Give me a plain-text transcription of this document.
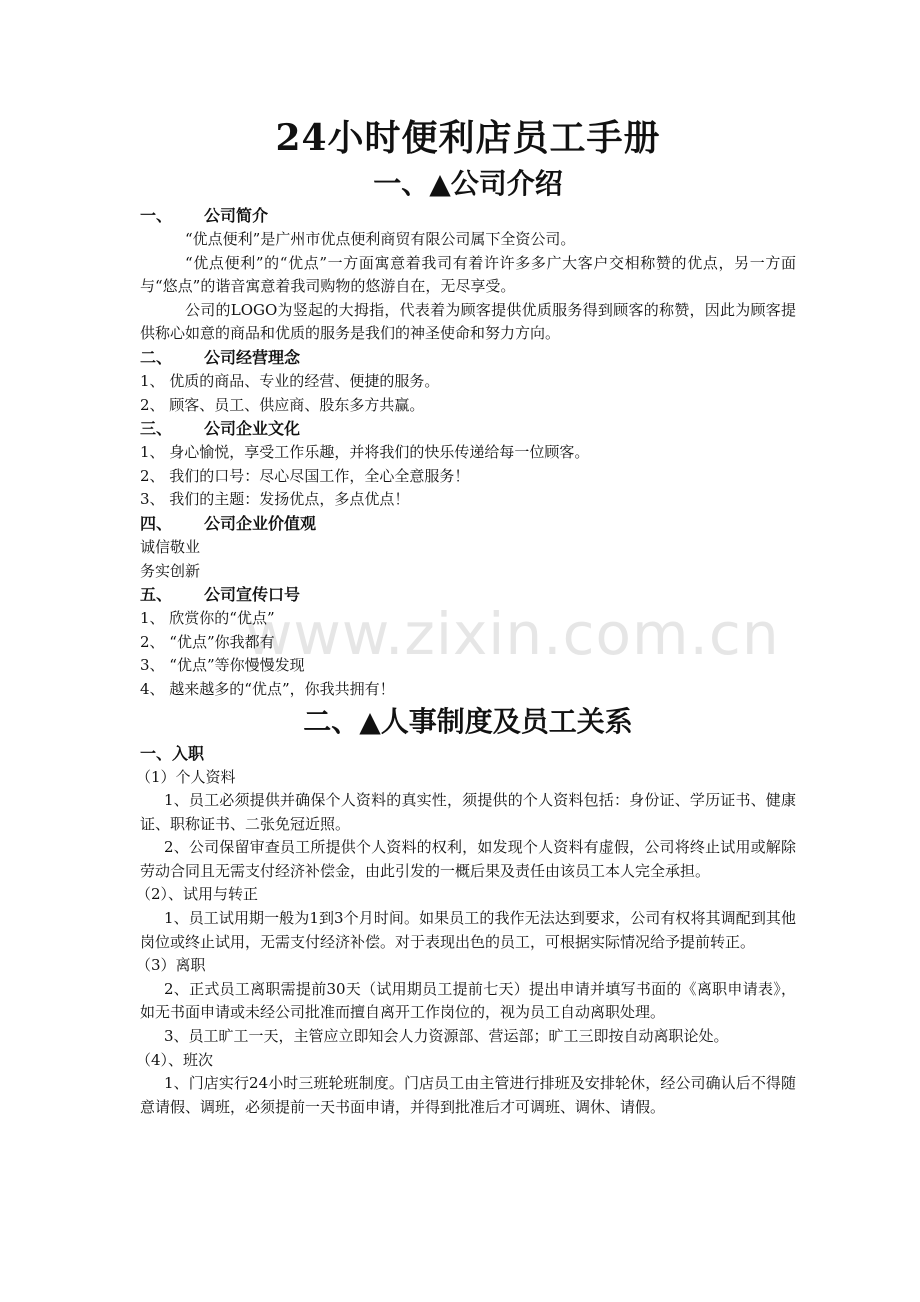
www.zixin.com.cn
24小时便利店员工手册
一、▲公司介绍
一、 公司简介

“优点便利”是广州市优点便利商贸有限公司属下全资公司。

“优点便利”的“优点”一方面寓意着我司有着许许多多广大客户交相称赞的优点，另一方面与“悠点”的谐音寓意着我司购物的悠游自在，无尽享受。

公司的LOGO为竖起的大拇指，代表着为顾客提供优质服务得到顾客的称赞，因此为顾客提供称心如意的商品和优质的服务是我们的神圣使命和努力方向。

二、 公司经营理念

1、 优质的商品、专业的经营、便捷的服务。

2、 顾客、员工、供应商、股东多方共赢。

三、 公司企业文化

1、 身心愉悦，享受工作乐趣，并将我们的快乐传递给每一位顾客。

2、 我们的口号：尽心尽国工作，全心全意服务！

3、 我们的主题：发扬优点，多点优点！

四、 公司企业价值观

诚信敬业

务实创新

五、 公司宣传口号

1、 欣赏你的“优点”

2、 “优点”你我都有

3、 “优点”等你慢慢发现

4、 越来越多的“优点”，你我共拥有！

二、▲人事制度及员工关系
一、入职

（1）个人资料

1、员工必须提供并确保个人资料的真实性，须提供的个人资料包括：身份证、学历证书、健康证、职称证书、二张免冠近照。

2、公司保留审查员工所提供个人资料的权利，如发现个人资料有虚假，公司将终止试用或解除劳动合同且无需支付经济补偿金，由此引发的一概后果及责任由该员工本人完全承担。

（2）、试用与转正

1、员工试用期一般为1到3个月时间。如果员工的我作无法达到要求，公司有权将其调配到其他岗位或终止试用，无需支付经济补偿。对于表现出色的员工，可根据实际情况给予提前转正。

（3）离职

2、正式员工离职需提前30天（试用期员工提前七天）提出申请并填写书面的《离职申请表》，如无书面申请或未经公司批准而擅自离开工作岗位的，视为员工自动离职处理。

3、员工旷工一天，主管应立即知会人力资源部、营运部；旷工三即按自动离职论处。

（4）、班次

1、门店实行24小时三班轮班制度。门店员工由主管进行排班及安排轮休，经公司确认后不得随意请假、调班，必须提前一天书面申请，并得到批准后才可调班、调休、请假。
